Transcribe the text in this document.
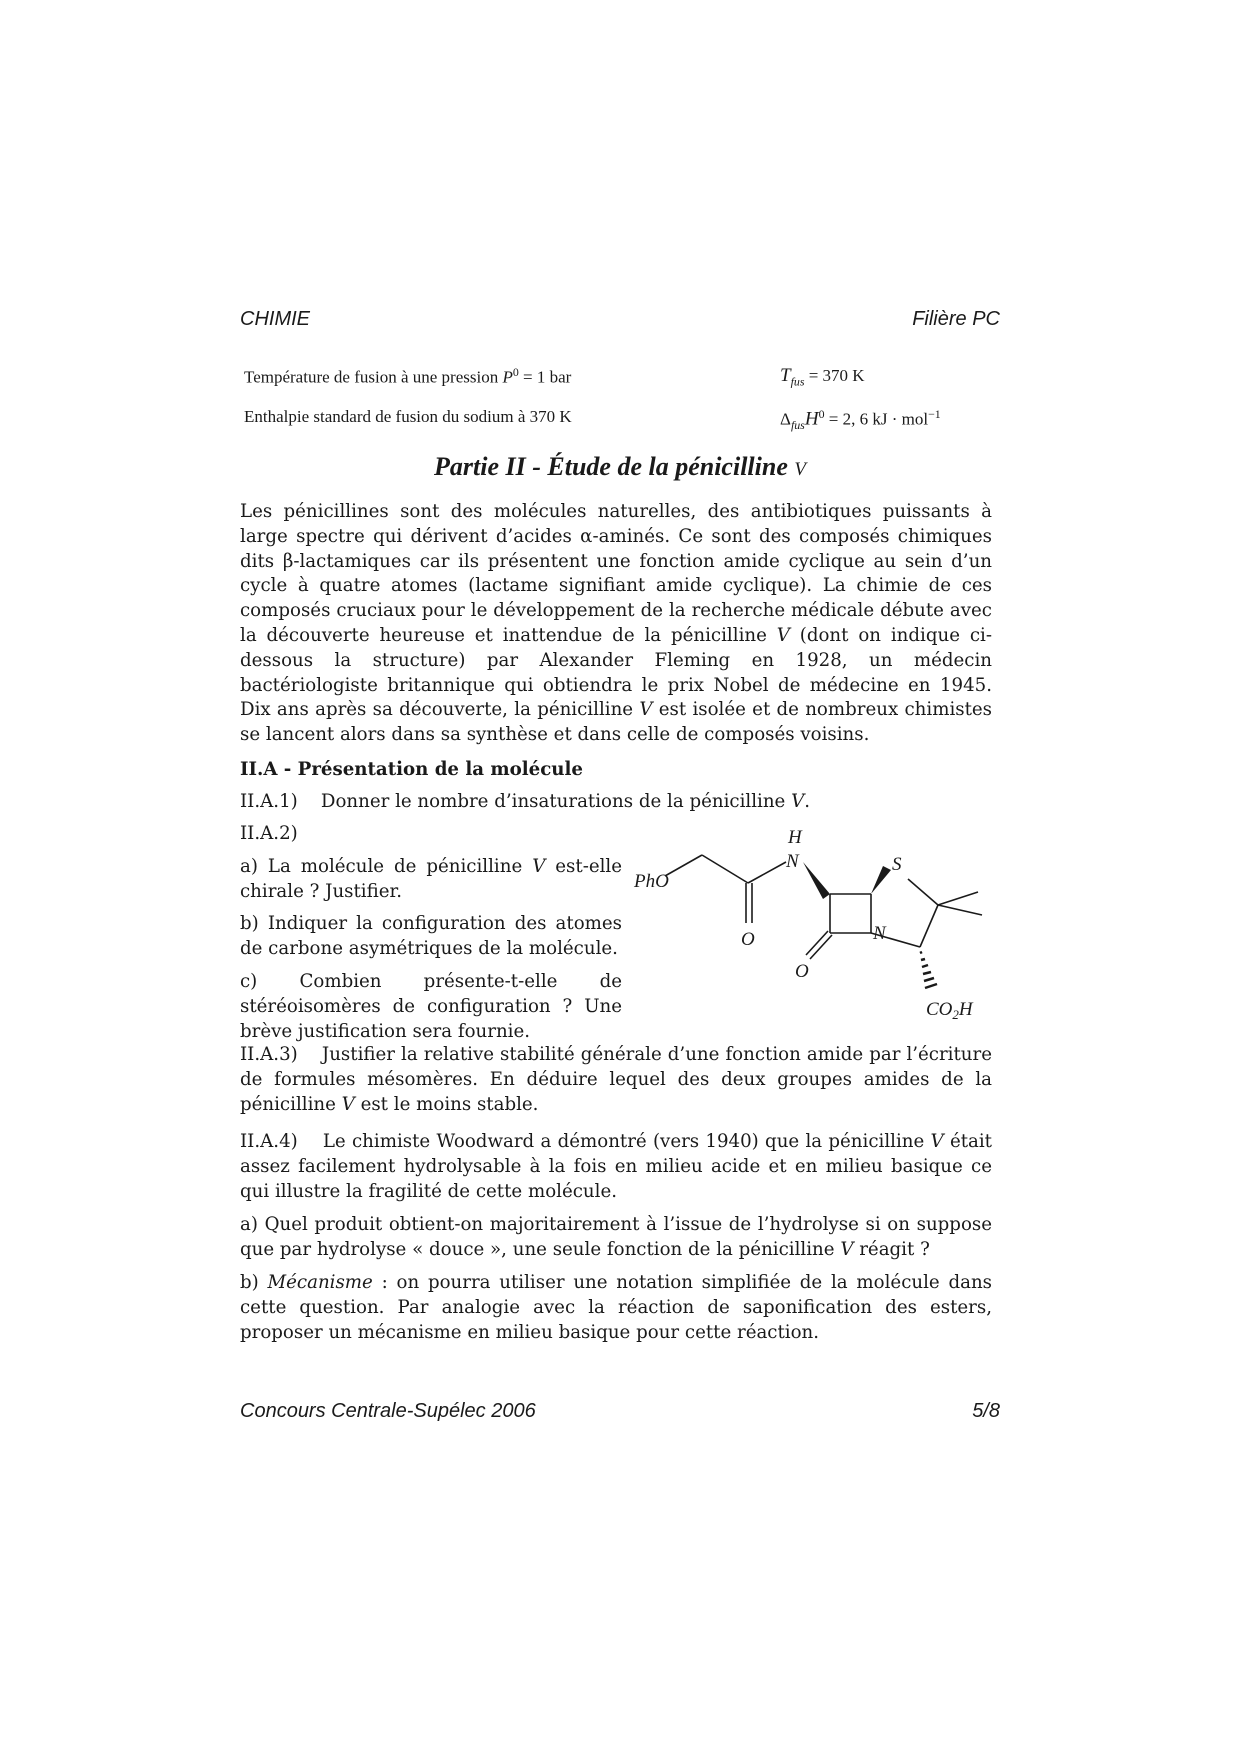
CHIMIE	Filière PC
Température de fusion à une pression $P^0 = 1$ bar	$T_{fus} = 370$ K
Enthalpie standard de fusion du sodium à 370 K	$\Delta_{fus}H^0 = 2$, 6 kJ · mol$^{-1}$
Partie II - Étude de la pénicilline V

Les pénicillines sont des molécules naturelles, des antibiotiques puissants à large spectre qui dérivent d’acides α-aminés. Ce sont des composés chimiques dits β-lactamiques car ils présentent une fonction amide cyclique au sein d’un cycle à quatre atomes (lactame signifiant amide cyclique). La chimie de ces composés cruciaux pour le développement de la recherche médicale débute avec la découverte heureuse et inattendue de la pénicilline V (dont on indique ci-dessous la structure) par Alexander Fleming en 1928, un médecin bactériologiste britannique qui obtiendra le prix Nobel de médecine en 1945. Dix ans après sa découverte, la pénicilline V est isolée et de nombreux chimistes se lancent alors dans sa synthèse et dans celle de composés voisins.

II.A - Présentation de la molécule

II.A.1) Donner le nombre d’insaturations de la pénicilline V.

II.A.2)

a) La molécule de pénicilline V est-elle chirale ? Justifier.

b) Indiquer la configuration des atomes de carbone asymétriques de la molécule.

c) Combien présente-t-elle de stéréoisomères de configuration ? Une brève justification sera fournie.

H
N	S
PhO
O	N
O
$CO_2H$

II.A.3) Justifier la relative stabilité générale d’une fonction amide par l’écriture de formules mésomères. En déduire lequel des deux groupes amides de la pénicilline V est le moins stable.

II.A.4) Le chimiste Woodward a démontré (vers 1940) que la pénicilline V était assez facilement hydrolysable à la fois en milieu acide et en milieu basique ce qui illustre la fragilité de cette molécule.

a) Quel produit obtient-on majoritairement à l’issue de l’hydrolyse si on suppose que par hydrolyse « douce », une seule fonction de la pénicilline V réagit ?

b) Mécanisme : on pourra utiliser une notation simplifiée de la molécule dans cette question. Par analogie avec la réaction de saponification des esters, proposer un mécanisme en milieu basique pour cette réaction.

Concours Centrale-Supélec 2006	5/8
